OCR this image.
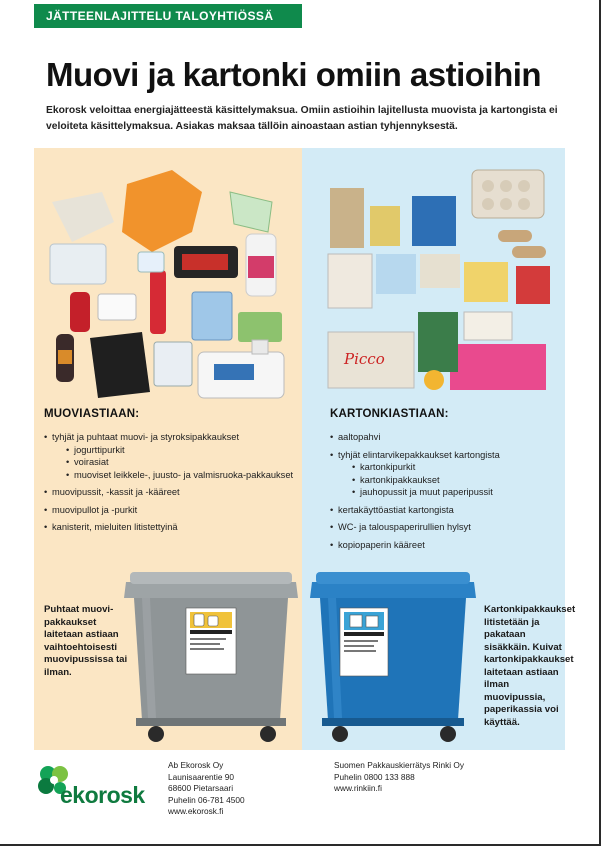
JÄTTEENLAJITTELU TALOYHTIÖSSÄ
Muovi ja kartonki omiin astioihin

Ekorosk veloittaa energiajätteestä käsittelymaksua. Omiin astioihin lajitellusta muovista ja kartongista ei veloiteta käsittelymaksua. Asiakas maksaa tällöin ainoastaan astian tyhjennyksestä.

MUOVIASTIAAN:
• tyhjät ja puhtaat muovi- ja styroksipakkaukset
• jogurttipurkit
• voirasiat
• muoviset leikkele-, juusto- ja valmisruoka-pakkaukset
• muovipussit, -kassit ja -kääreet
• muovipullot ja -purkit
• kanisterit, mieluiten litistettyinä

Puhtaat muovi-pakkaukset laitetaan astiaan vaihtoehtoisesti muovipussissa tai ilman.

Picco
KARTONKIASTIAAN:
• aaltopahvi
• tyhjät elintarvikepakkaukset kartongista
• kartonkipurkit
• kartonkipakkaukset
• jauhopussit ja muut paperipussit
• kertakäyttöastiat kartongista
• WC- ja talouspaperirullien hylsyt
• kopiopaperin kääreet

Kartonkipakkaukset litistetään ja pakataan sisäkkäin. Kuivat kartonkipakkaukset laitetaan astiaan ilman muovipussia, paperikassia voi käyttää.

ekorosk
Ab Ekorosk Oy
Launisaarentie 90
68600 Pietarsaari
Puhelin 06-781 4500
www.ekorosk.fi
Suomen Pakkauskierrätys Rinki Oy
Puhelin 0800 133 888
www.rinkiin.fi
